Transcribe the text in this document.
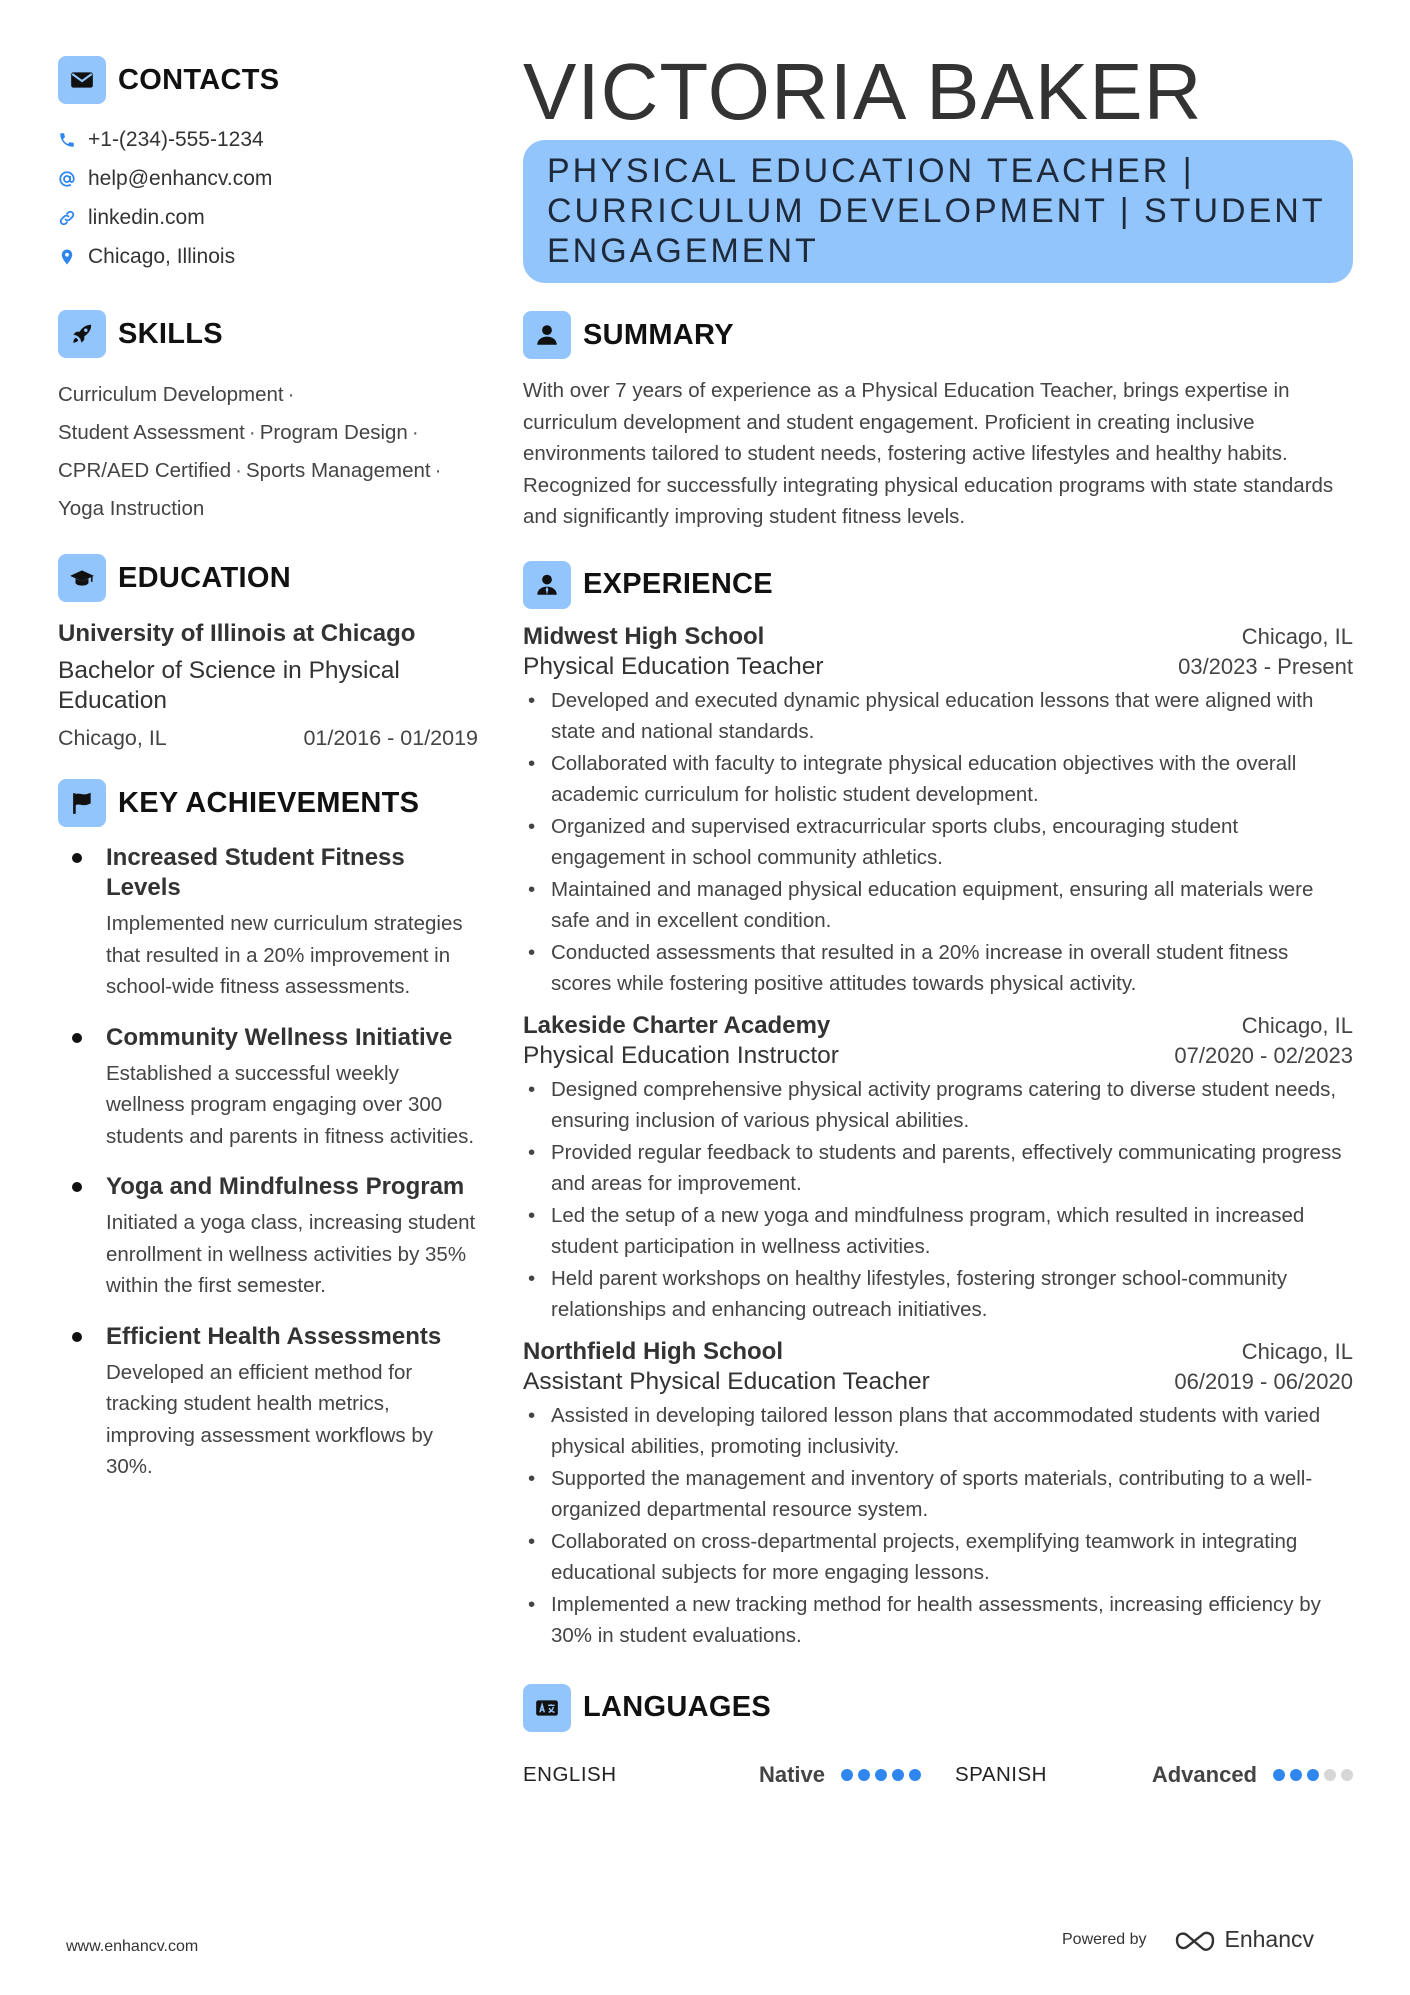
CONTACTS
+1-(234)-555-1234
help@enhancv.com
linkedin.com
Chicago, Illinois
SKILLS
Curriculum Development ·
Student Assessment · Program Design ·
CPR/AED Certified · Sports Management ·
Yoga Instruction
EDUCATION
University of Illinois at Chicago
Bachelor of Science in Physical Education
Chicago, IL	01/2016 - 01/2019
KEY ACHIEVEMENTS
Increased Student Fitness Levels
Implemented new curriculum strategies that resulted in a 20% improvement in school-wide fitness assessments.
Community Wellness Initiative
Established a successful weekly wellness program engaging over 300 students and parents in fitness activities.
Yoga and Mindfulness Program
Initiated a yoga class, increasing student enrollment in wellness activities by 35% within the first semester.
Efficient Health Assessments
Developed an efficient method for tracking student health metrics, improving assessment workflows by 30%.
VICTORIA BAKER
PHYSICAL EDUCATION TEACHER | CURRICULUM DEVELOPMENT | STUDENT ENGAGEMENT
SUMMARY
With over 7 years of experience as a Physical Education Teacher, brings expertise in curriculum development and student engagement. Proficient in creating inclusive environments tailored to student needs, fostering active lifestyles and healthy habits. Recognized for successfully integrating physical education programs with state standards and significantly improving student fitness levels.
EXPERIENCE
Midwest High School	Chicago, IL
Physical Education Teacher	03/2023 - Present
• Developed and executed dynamic physical education lessons that were aligned with state and national standards.
• Collaborated with faculty to integrate physical education objectives with the overall academic curriculum for holistic student development.
• Organized and supervised extracurricular sports clubs, encouraging student engagement in school community athletics.
• Maintained and managed physical education equipment, ensuring all materials were safe and in excellent condition.
• Conducted assessments that resulted in a 20% increase in overall student fitness scores while fostering positive attitudes towards physical activity.
Lakeside Charter Academy	Chicago, IL
Physical Education Instructor	07/2020 - 02/2023
• Designed comprehensive physical activity programs catering to diverse student needs, ensuring inclusion of various physical abilities.
• Provided regular feedback to students and parents, effectively communicating progress and areas for improvement.
• Led the setup of a new yoga and mindfulness program, which resulted in increased student participation in wellness activities.
• Held parent workshops on healthy lifestyles, fostering stronger school-community relationships and enhancing outreach initiatives.
Northfield High School	Chicago, IL
Assistant Physical Education Teacher	06/2019 - 06/2020
• Assisted in developing tailored lesson plans that accommodated students with varied physical abilities, promoting inclusivity.
• Supported the management and inventory of sports materials, contributing to a well-organized departmental resource system.
• Collaborated on cross-departmental projects, exemplifying teamwork in integrating educational subjects for more engaging lessons.
• Implemented a new tracking method for health assessments, increasing efficiency by 30% in student evaluations.
LANGUAGES
ENGLISH	Native	SPANISH	Advanced
www.enhancv.com	Powered by	Enhancv
